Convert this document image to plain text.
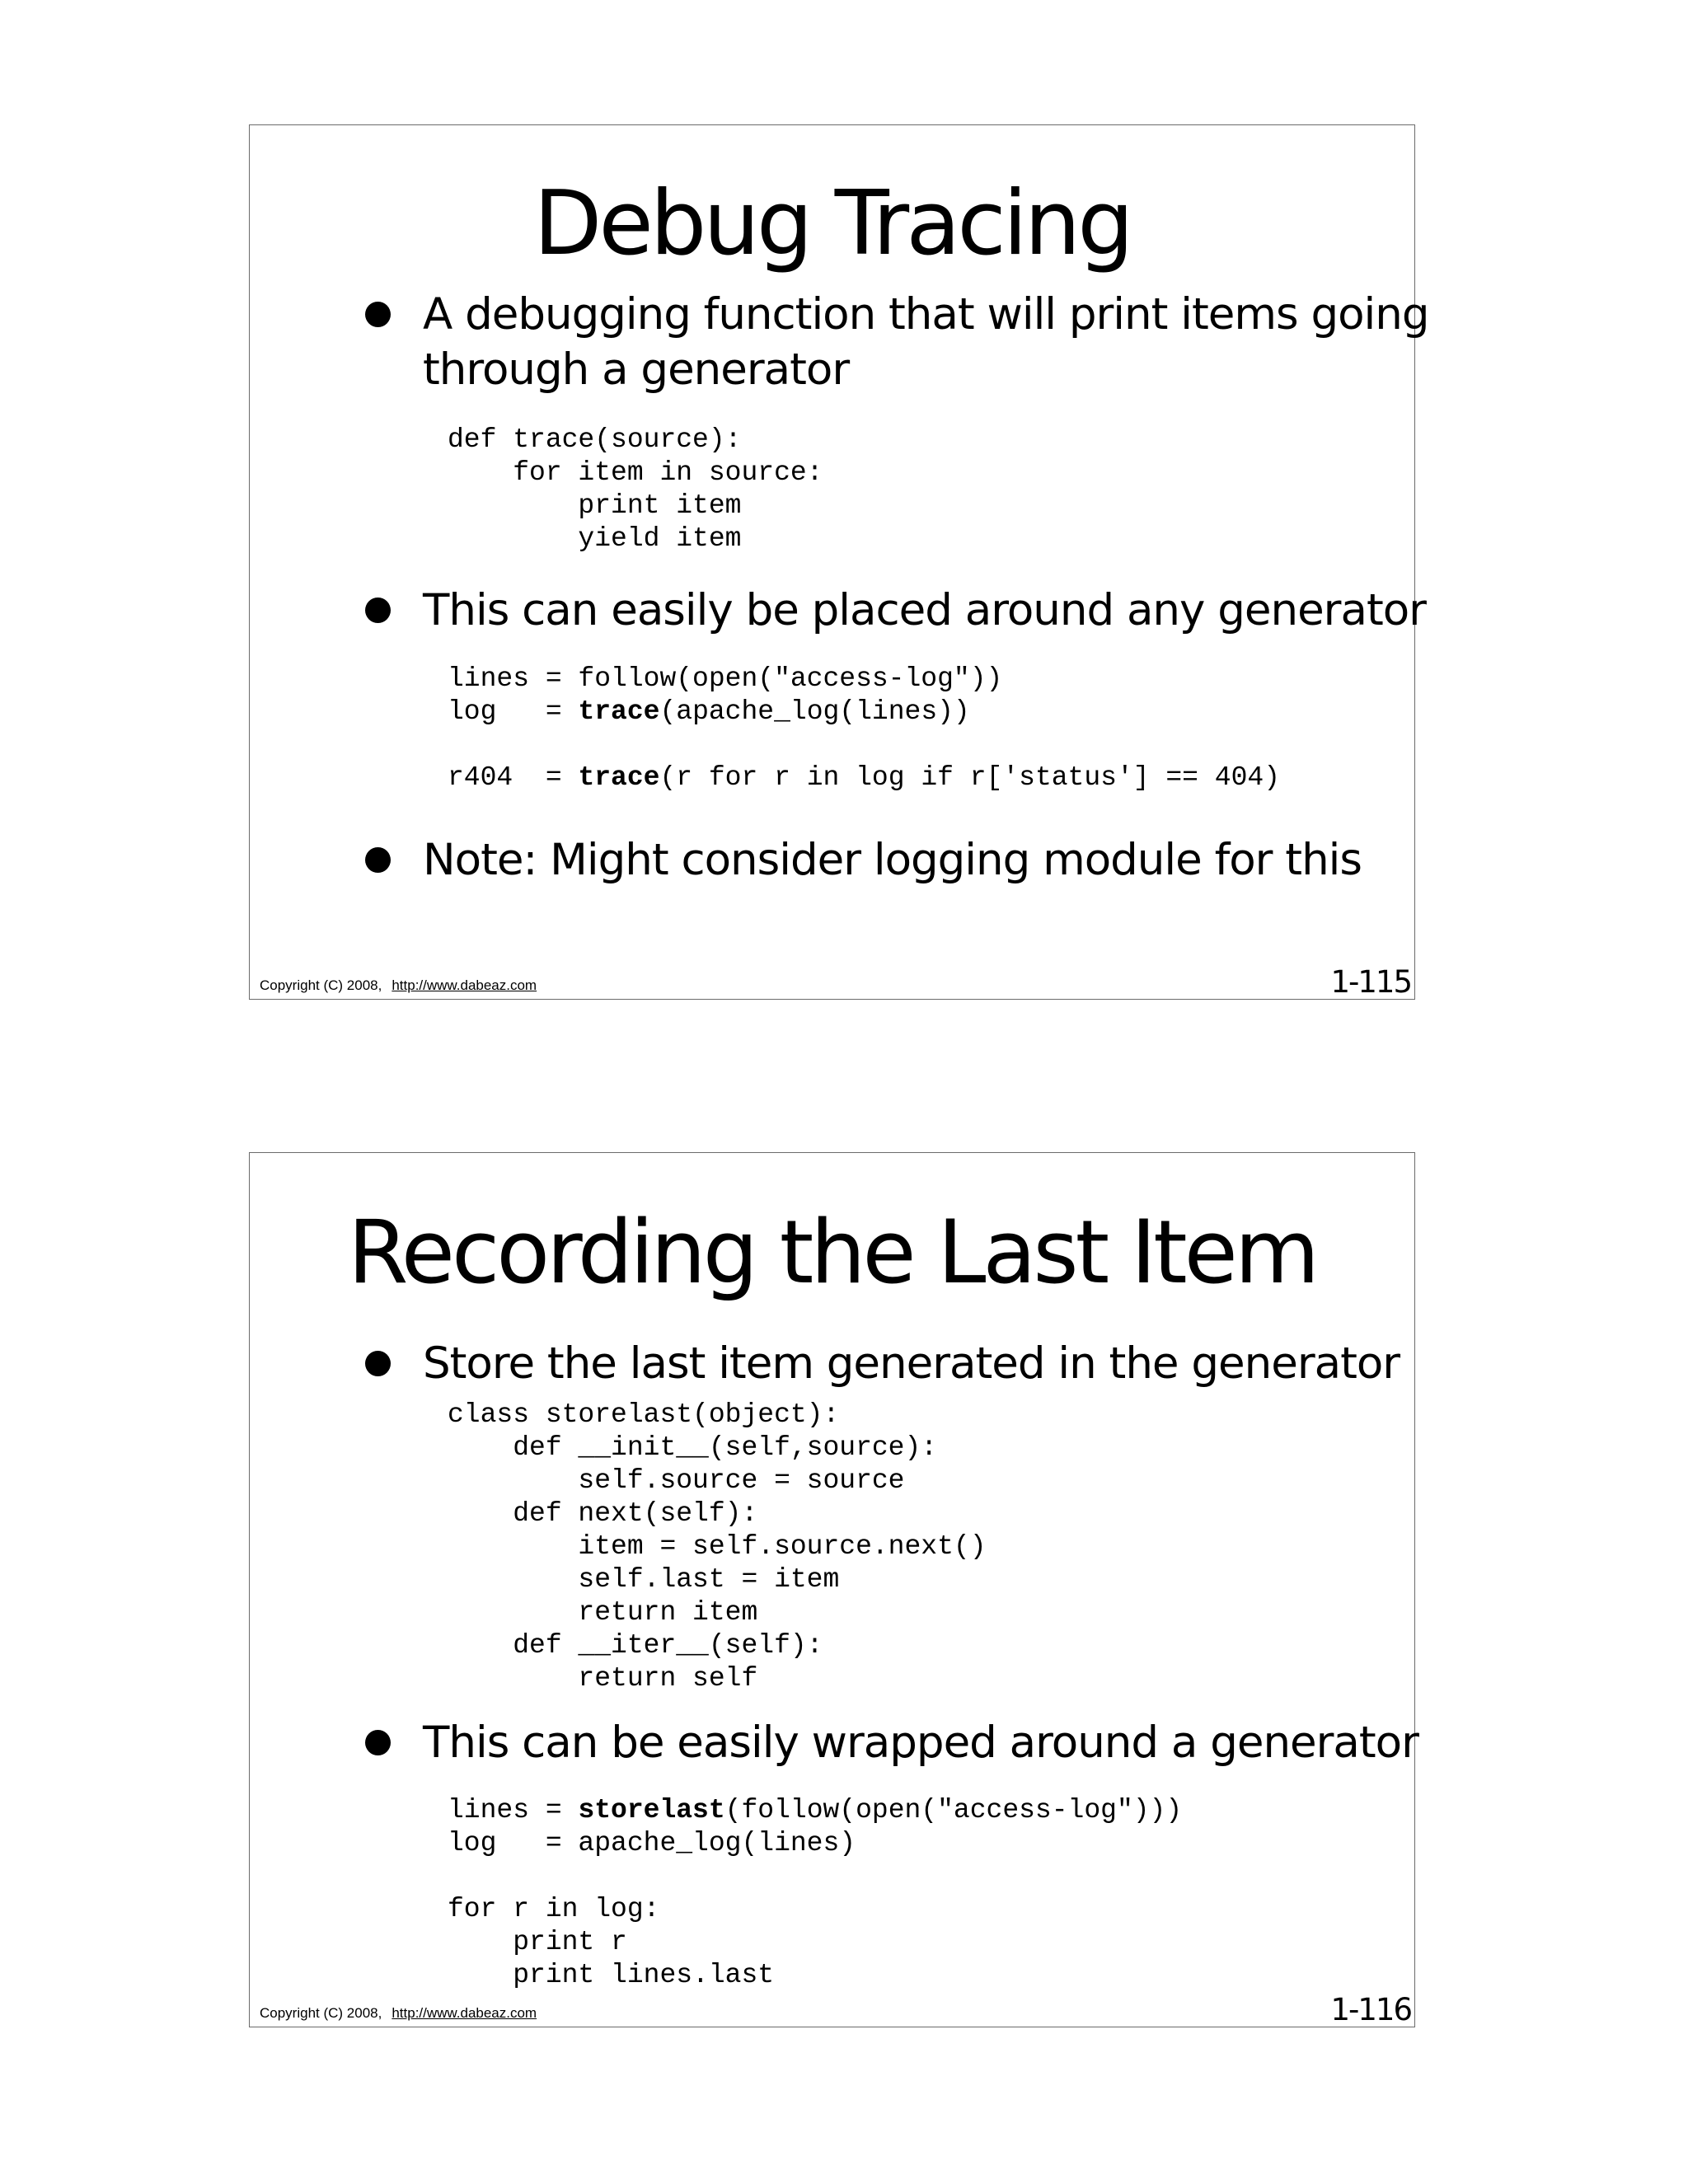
Debug Tracing
A debugging function that will print items going
through a generator
def trace(source):
for item in source:
print item
yield item
This can easily be placed around any generator
lines = follow(open("access-log"))
log   = trace(apache_log(lines))

r404  = trace(r for r in log if r['status'] == 404)
Note: Might consider logging module for this
Copyright (C) 2008, http://www.dabeaz.com	1-115
Recording the Last Item
Store the last item generated in the generator
class storelast(object):
def __init__(self,source):
self.source = source
def next(self):
item = self.source.next()
self.last = item
return item
def __iter__(self):
return self
This can be easily wrapped around a generator
lines = storelast(follow(open("access-log")))
log   = apache_log(lines)

for r in log:
print r
print lines.last
Copyright (C) 2008, http://www.dabeaz.com	1-116
